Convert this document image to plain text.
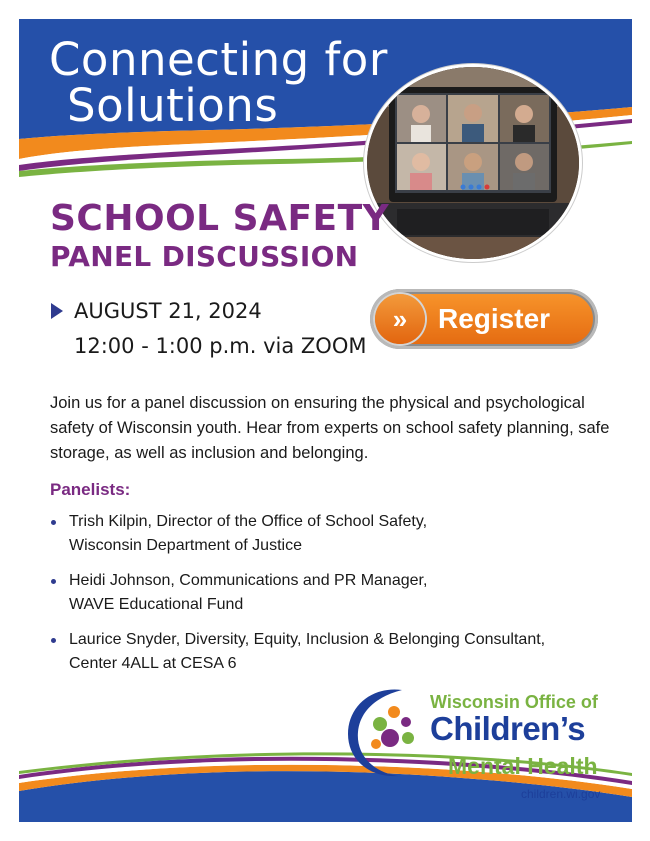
Connecting for
Solutions
SCHOOL SAFETY
PANEL DISCUSSION
AUGUST 21, 2024
12:00 - 1:00 p.m. via ZOOM
»	Register

Join us for a panel discussion on ensuring the physical and psychological safety of Wisconsin youth. Hear from experts on school safety planning, safe storage, as well as inclusion and belonging.

Panelists:
Trish Kilpin, Director of the Office of School Safety,
Wisconsin Department of Justice
Heidi Johnson, Communications and PR Manager,
WAVE Educational Fund
Laurice Snyder, Diversity, Equity, Inclusion & Belonging Consultant,
Center 4ALL at CESA 6
Wisconsin Office of
Children’s
Mental Health
children.wi.gov
